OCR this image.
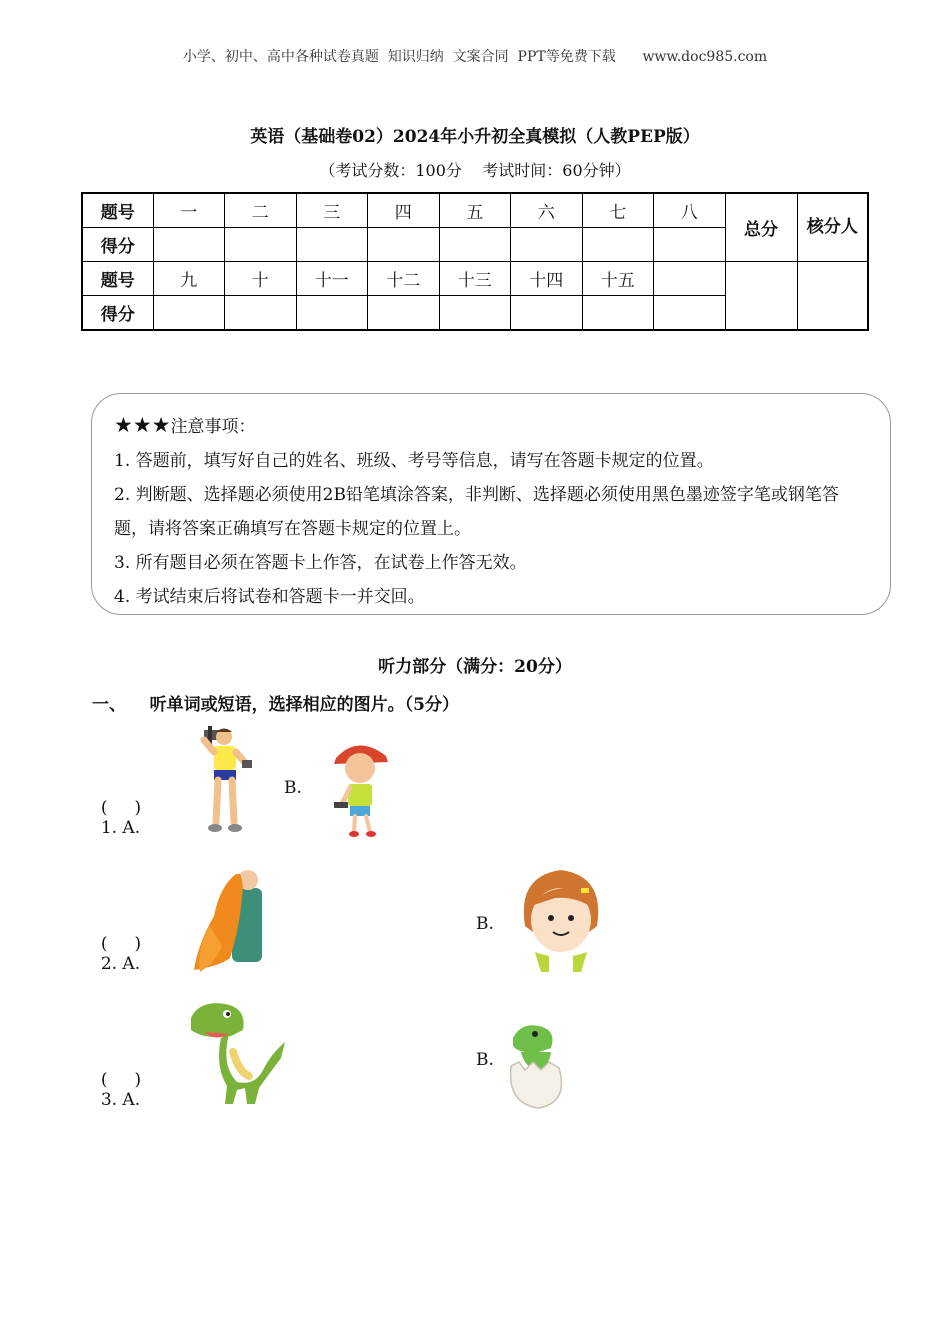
小学、初中、高中各种试卷真题  知识归纳  文案合同  PPT等免费下载      www.doc985.com
英语（基础卷02）2024年小升初全真模拟（人教PEP版）
（考试分数：100分    考试时间：60分钟）
题号	一	二	三	四	五	六	七	八	总分	核分人
得分										
题号	九	十	十一	十二	十三	十四	十五			
得分										
★★★注意事项：
1. 答题前，填写好自己的姓名、班级、考号等信息，请写在答题卡规定的位置。
2. 判断题、选择题必须使用2B铅笔填涂答案，非判断、选择题必须使用黑色墨迹签字笔或钢笔答题，请将答案正确填写在答题卡规定的位置上。
3. 所有题目必须在答题卡上作答，在试卷上作答无效。
4. 考试结束后将试卷和答题卡一并交回。
听力部分（满分：20分）
一、    听单词或短语，选择相应的图片。（5分）

(     )
1. A.

B.

(     )
2. A.

B.

(     )
3. A.

B.
